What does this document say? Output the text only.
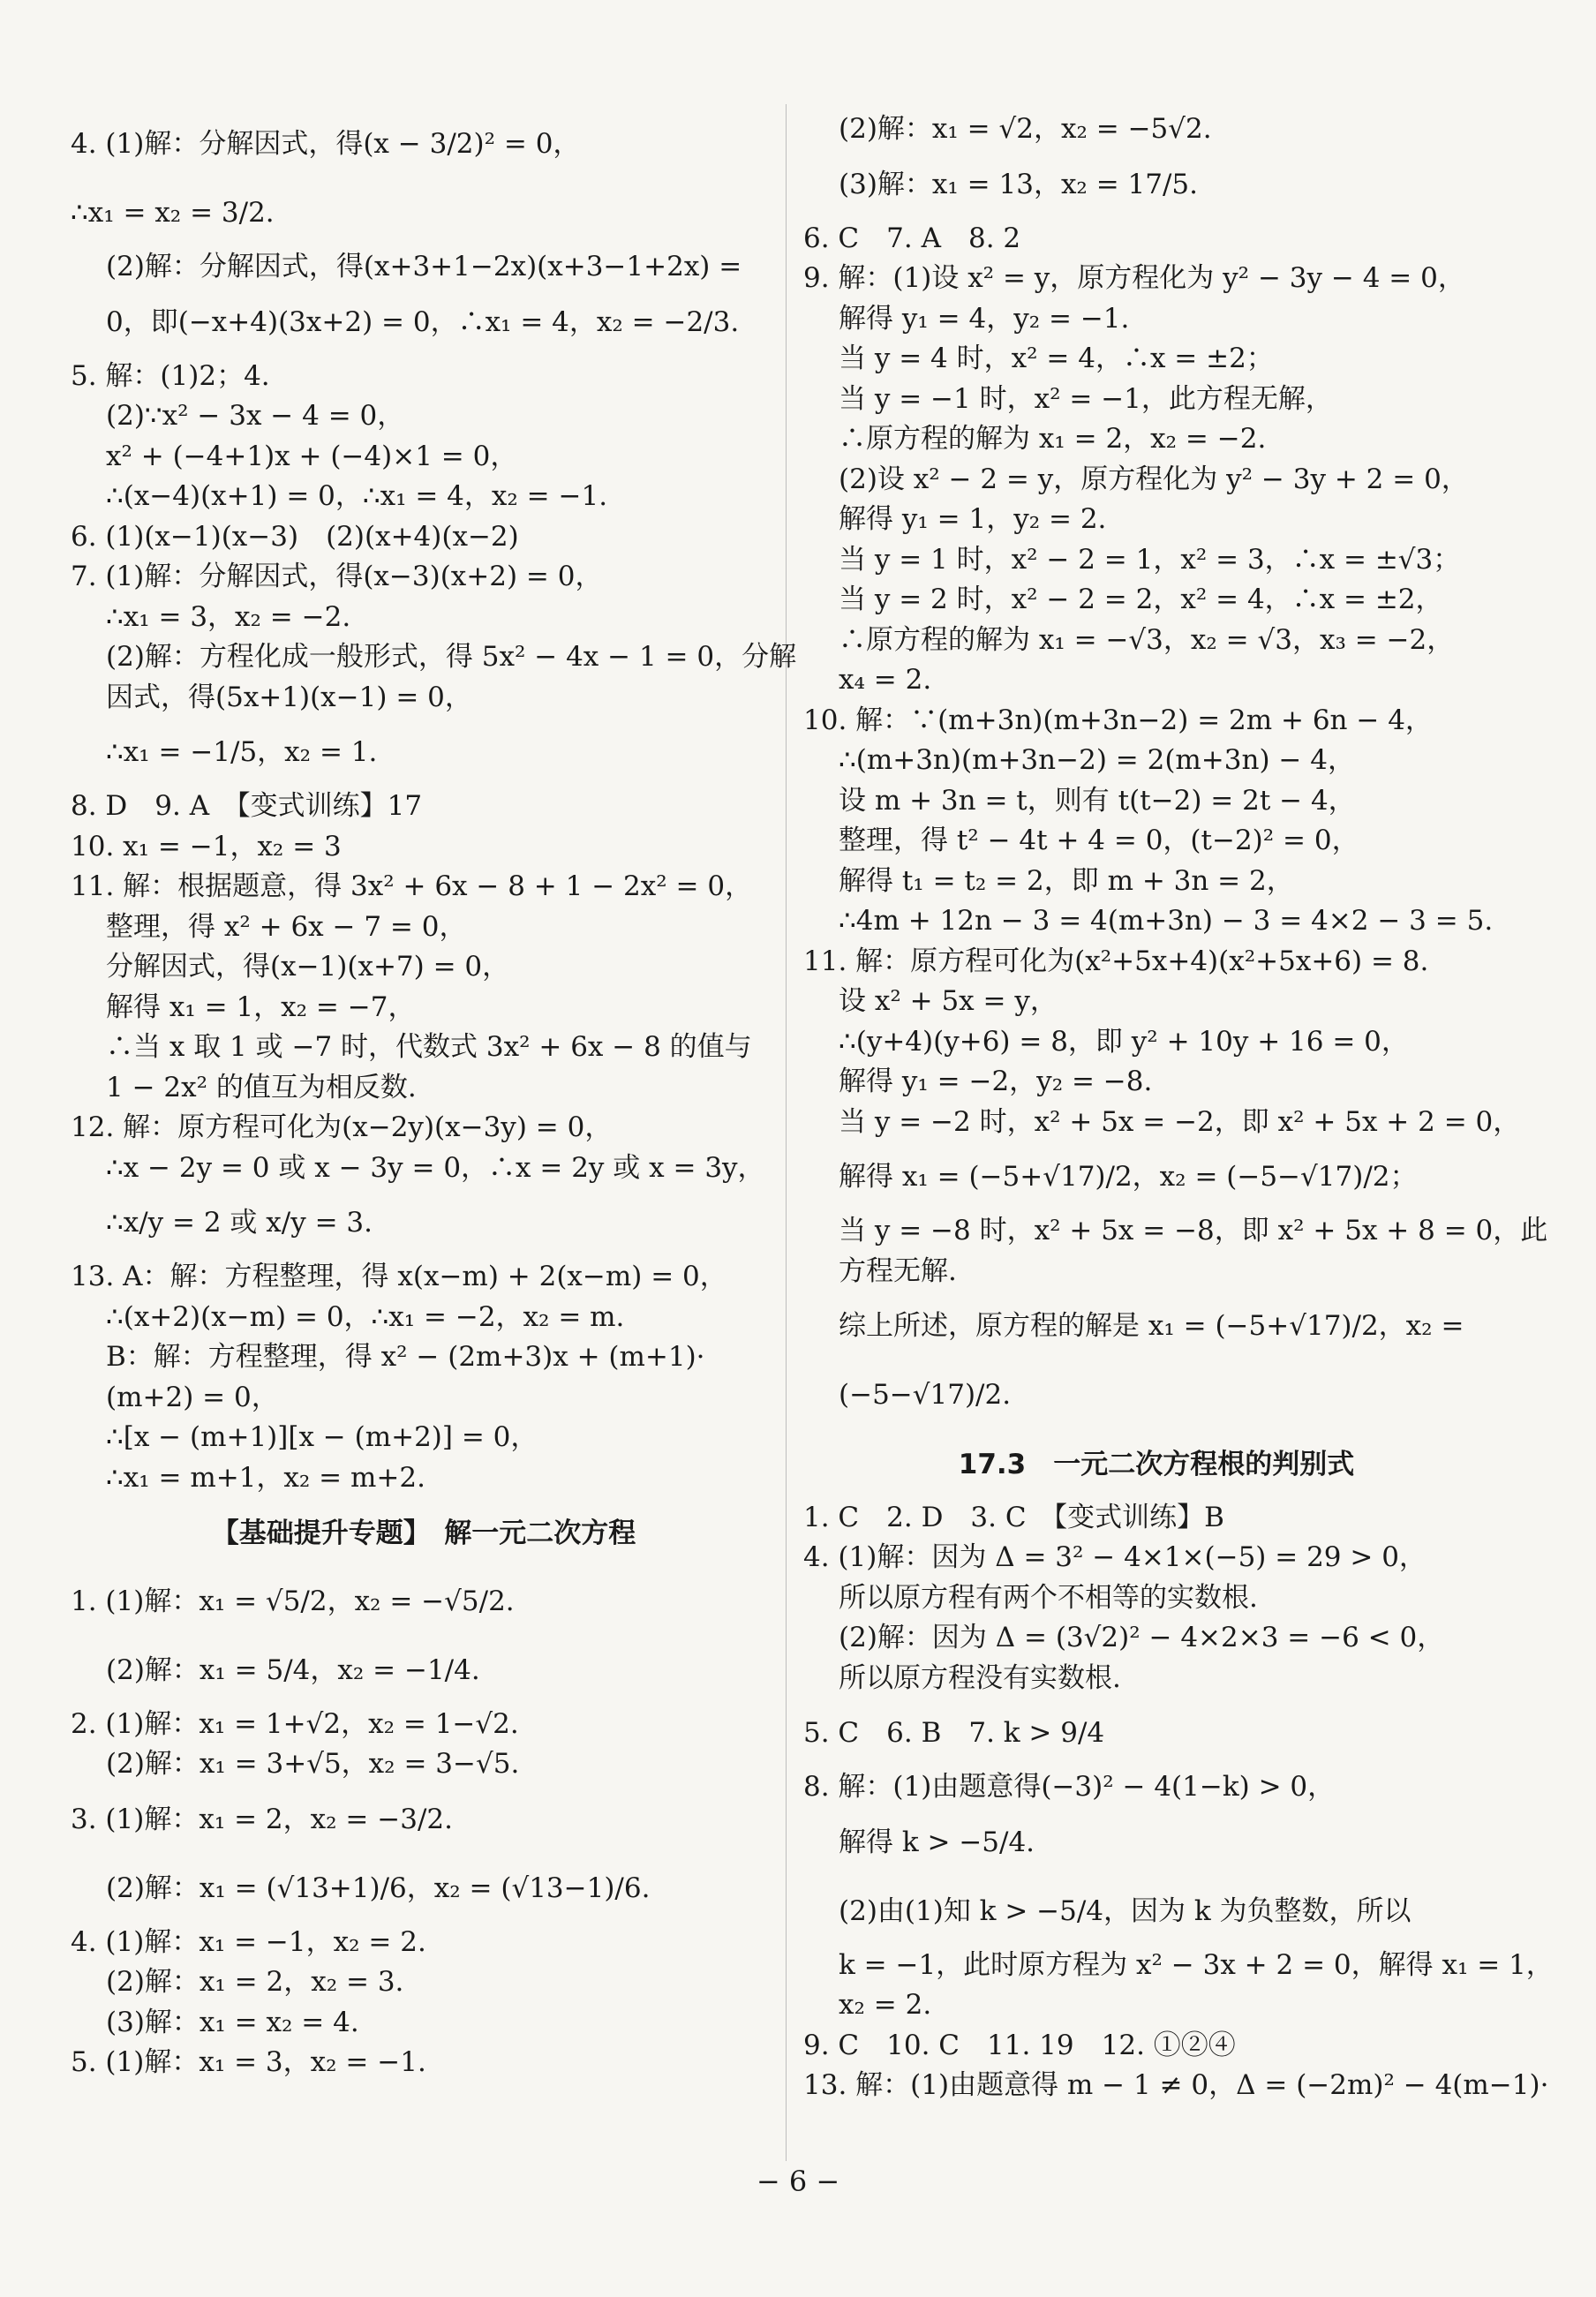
4. (1)解：分解因式，得(x − 3/2)² = 0，
∴x₁ = x₂ = 3/2.
(2)解：分解因式，得(x+3+1−2x)(x+3−1+2x) =
0，即(−x+4)(3x+2) = 0，∴x₁ = 4，x₂ = −2/3.
5. 解：(1)2；4.
(2)∵x² − 3x − 4 = 0，
x² + (−4+1)x + (−4)×1 = 0，
∴(x−4)(x+1) = 0，∴x₁ = 4，x₂ = −1.
6. (1)(x−1)(x−3)　(2)(x+4)(x−2)
7. (1)解：分解因式，得(x−3)(x+2) = 0，
∴x₁ = 3，x₂ = −2.
(2)解：方程化成一般形式，得 5x² − 4x − 1 = 0，分解
因式，得(5x+1)(x−1) = 0，
∴x₁ = −1/5，x₂ = 1.
8. D　9. A　【变式训练】17
10. x₁ = −1，x₂ = 3
11. 解：根据题意，得 3x² + 6x − 8 + 1 − 2x² = 0，
整理，得 x² + 6x − 7 = 0，
分解因式，得(x−1)(x+7) = 0，
解得 x₁ = 1，x₂ = −7，
∴当 x 取 1 或 −7 时，代数式 3x² + 6x − 8 的值与
1 − 2x² 的值互为相反数.
12. 解：原方程可化为(x−2y)(x−3y) = 0，
∴x − 2y = 0 或 x − 3y = 0，∴x = 2y 或 x = 3y，
∴x/y = 2 或 x/y = 3.
13. A：解：方程整理，得 x(x−m) + 2(x−m) = 0，
∴(x+2)(x−m) = 0，∴x₁ = −2，x₂ = m.
B：解：方程整理，得 x² − (2m+3)x + (m+1)·
(m+2) = 0，
∴[x − (m+1)][x − (m+2)] = 0，
∴x₁ = m+1，x₂ = m+2.
【基础提升专题】　解一元二次方程
1. (1)解：x₁ = √5/2，x₂ = −√5/2.
(2)解：x₁ = 5/4，x₂ = −1/4.
2. (1)解：x₁ = 1+√2，x₂ = 1−√2.
(2)解：x₁ = 3+√5，x₂ = 3−√5.
3. (1)解：x₁ = 2，x₂ = −3/2.
(2)解：x₁ = (√13+1)/6，x₂ = (√13−1)/6.
4. (1)解：x₁ = −1，x₂ = 2.
(2)解：x₁ = 2，x₂ = 3.
(3)解：x₁ = x₂ = 4.
5. (1)解：x₁ = 3，x₂ = −1.
(2)解：x₁ = √2，x₂ = −5√2.
(3)解：x₁ = 13，x₂ = 17/5.
6. C　7. A　8. 2
9. 解：(1)设 x² = y，原方程化为 y² − 3y − 4 = 0，
解得 y₁ = 4，y₂ = −1.
当 y = 4 时，x² = 4，∴x = ±2；
当 y = −1 时，x² = −1，此方程无解，
∴原方程的解为 x₁ = 2，x₂ = −2.
(2)设 x² − 2 = y，原方程化为 y² − 3y + 2 = 0，
解得 y₁ = 1，y₂ = 2.
当 y = 1 时，x² − 2 = 1，x² = 3，∴x = ±√3；
当 y = 2 时，x² − 2 = 2，x² = 4，∴x = ±2，
∴原方程的解为 x₁ = −√3，x₂ = √3，x₃ = −2，
x₄ = 2.
10. 解：∵(m+3n)(m+3n−2) = 2m + 6n − 4，
∴(m+3n)(m+3n−2) = 2(m+3n) − 4，
设 m + 3n = t，则有 t(t−2) = 2t − 4，
整理，得 t² − 4t + 4 = 0，(t−2)² = 0，
解得 t₁ = t₂ = 2，即 m + 3n = 2，
∴4m + 12n − 3 = 4(m+3n) − 3 = 4×2 − 3 = 5.
11. 解：原方程可化为(x²+5x+4)(x²+5x+6) = 8.
设 x² + 5x = y，
∴(y+4)(y+6) = 8，即 y² + 10y + 16 = 0，
解得 y₁ = −2，y₂ = −8.
当 y = −2 时，x² + 5x = −2，即 x² + 5x + 2 = 0，
解得 x₁ = (−5+√17)/2，x₂ = (−5−√17)/2；
当 y = −8 时，x² + 5x = −8，即 x² + 5x + 8 = 0，此
方程无解.
综上所述，原方程的解是 x₁ = (−5+√17)/2，x₂ =
(−5−√17)/2.
17.3　一元二次方程根的判别式
1. C　2. D　3. C　【变式训练】B
4. (1)解：因为 Δ = 3² − 4×1×(−5) = 29 > 0，
所以原方程有两个不相等的实数根.
(2)解：因为 Δ = (3√2)² − 4×2×3 = −6 < 0，
所以原方程没有实数根.
5. C　6. B　7. k > 9/4
8. 解：(1)由题意得(−3)² − 4(1−k) > 0，
解得 k > −5/4.
(2)由(1)知 k > −5/4，因为 k 为负整数，所以
k = −1，此时原方程为 x² − 3x + 2 = 0，解得 x₁ = 1，
x₂ = 2.
9. C　10. C　11. 19　12. ①②④
13. 解：(1)由题意得 m − 1 ≠ 0，Δ = (−2m)² − 4(m−1)·
− 6 −
